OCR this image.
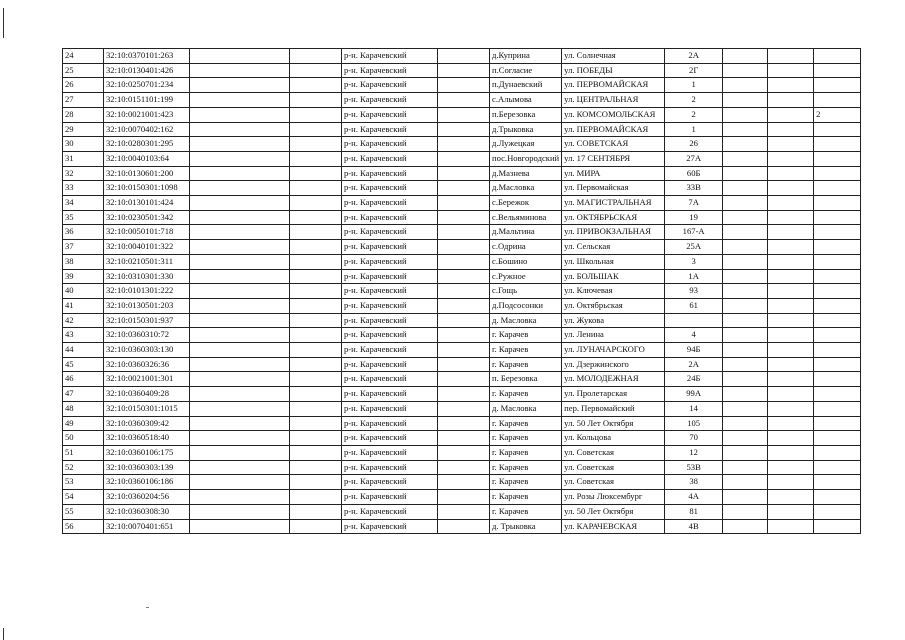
24	32:10:0370101:263			р-н. Карачевский		д.Куприна	ул. Солнечная	2А			
25	32:10:0130401:426			р-н. Карачевский		п.Согласие	ул. ПОБЕДЫ	2Г			
26	32:10:0250701:234			р-н. Карачевский		п.Дунаевский	ул. ПЕРВОМАЙСКАЯ	1			
27	32:10:0151101:199			р-н. Карачевский		с.Алымова	ул. ЦЕНТРАЛЬНАЯ	2			
28	32:10:0021001:423			р-н. Карачевский		п.Березовка	ул. КОМСОМОЛЬСКАЯ	2			2
29	32:10:0070402:162			р-н. Карачевский		д.Трыковка	ул. ПЕРВОМАЙСКАЯ	1			
30	32:10:0280301:295			р-н. Карачевский		д.Лужецкая	ул. СОВЕТСКАЯ	26			
31	32:10:0040103:64			р-н. Карачевский		пос.Новгородский	ул. 17 СЕНТЯБРЯ	27А			
32	32:10:0130601:200			р-н. Карачевский		д.Мазнева	ул. МИРА	60Б			
33	32:10:0150301:1098			р-н. Карачевский		д.Масловка	ул. Первомайская	33В			
34	32:10:0130101:424			р-н. Карачевский		с.Бережок	ул. МАГИСТРАЛЬНАЯ	7А			
35	32:10:0230501:342			р-н. Карачевский		с.Вельяминова	ул. ОКТЯБРЬСКАЯ	19			
36	32:10:0050101:718			р-н. Карачевский		д.Мальтина	ул. ПРИВОКЗАЛЬНАЯ	167-А			
37	32:10:0040101:322			р-н. Карачевский		с.Одрина	ул. Сельская	25А			
38	32:10:0210501:311			р-н. Карачевский		с.Бошино	ул. Школьная	3			
39	32:10:0310301:330			р-н. Карачевский		с.Ружное	ул. БОЛЬШАК	1А			
40	32:10:0101301:222			р-н. Карачевский		с.Гощь	ул. Ключевая	93			
41	32:10:0130501:203			р-н. Карачевский		д.Подсосонки	ул. Октябрьская	61			
42	32:10:0150301:937			р-н. Карачевский		д. Масловка	ул. Жукова				
43	32:10:0360310:72			р-н. Карачевский		г. Карачев	ул. Ленина	4			
44	32:10:0360303:130			р-н. Карачевский		г. Карачев	ул. ЛУНАЧАРСКОГО	94Б			
45	32:10:0360326:36			р-н. Карачевский		г. Карачев	ул. Дзержинского	2А			
46	32:10:0021001:301			р-н. Карачевский		п. Березовка	ул. МОЛОДЕЖНАЯ	24Б			
47	32:10:0360409:28			р-н. Карачевский		г. Карачев	ул. Пролетарская	99А			
48	32:10:0150301:1015			р-н. Карачевский		д. Масловка	пер. Первомайский	14			
49	32:10:0360309:42			р-н. Карачевский		г. Карачев	ул. 50 Лет Октября	105			
50	32:10:0360518:40			р-н. Карачевский		г. Карачев	ул. Кольцова	70			
51	32:10:0360106:175			р-н. Карачевский		г. Карачев	ул. Советская	12			
52	32:10:0360303:139			р-н. Карачевский		г. Карачев	ул. Советская	53В			
53	32:10:0360106:186			р-н. Карачевский		г. Карачев	ул. Советская	38			
54	32:10:0360204:56			р-н. Карачевский		г. Карачев	ул. Розы Люксембург	4А			
55	32:10:0360308:30			р-н. Карачевский		г. Карачев	ул. 50 Лет Октября	81			
56	32:10:0070401:651			р-н. Карачевский		д. Трыковка	ул. КАРАЧЕВСКАЯ	4В			
